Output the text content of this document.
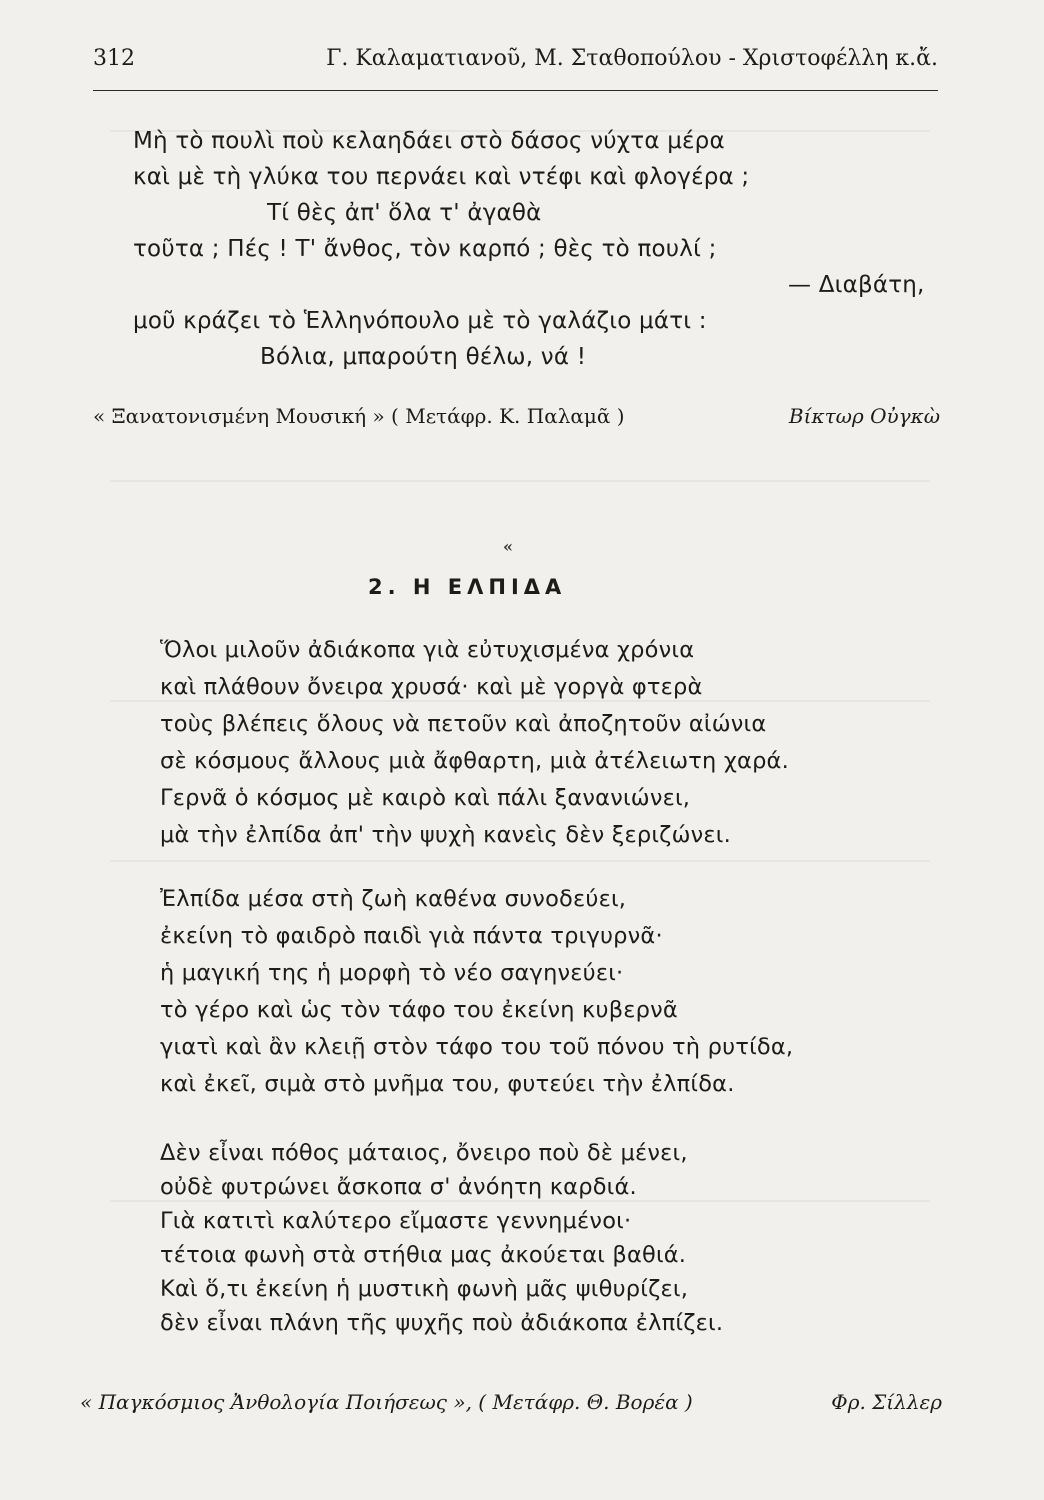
312	Γ. Καλαματιανοῦ, Μ. Σταθοπούλου - Χριστοφέλλη κ.ἄ.
Μὴ τὸ πουλὶ ποὺ κελαηδάει στὸ δάσος νύχτα μέρα
καὶ μὲ τὴ γλύκα του περνάει καὶ ντέφι καὶ φλογέρα ;
Τί θὲς ἀπ' ὅλα τ' ἀγαθὰ
τοῦτα ; Πές ! Τ' ἄνθος, τὸν καρπό ; θὲς τὸ πουλί ;
— Διαβάτη,
μοῦ κράζει τὸ Ἑλληνόπουλο μὲ τὸ γαλάζιο μάτι :
Βόλια, μπαρούτη θέλω, νά !
« Ξανατονισμένη Μουσική » ( Μετάφρ. Κ. Παλαμᾶ )	Βίκτωρ Οὐγκὼ
«
2. Η ΕΛΠΙΔΑ
Ὅλοι μιλοῦν ἀδιάκοπα γιὰ εὐτυχισμένα χρόνια
καὶ πλάθουν ὄνειρα χρυσά· καὶ μὲ γοργὰ φτερὰ
τοὺς βλέπεις ὅλους νὰ πετοῦν καὶ ἀποζητοῦν αἰώνια
σὲ κόσμους ἄλλους μιὰ ἄφθαρτη, μιὰ ἀτέλειωτη χαρά.
Γερνᾶ ὁ κόσμος μὲ καιρὸ καὶ πάλι ξανανιώνει,
μὰ τὴν ἐλπίδα ἀπ' τὴν ψυχὴ κανεὶς δὲν ξεριζώνει.
Ἐλπίδα μέσα στὴ ζωὴ καθένα συνοδεύει,
ἐκείνη τὸ φαιδρὸ παιδὶ γιὰ πάντα τριγυρνᾶ·
ἡ μαγική της ἡ μορφὴ τὸ νέο σαγηνεύει·
τὸ γέρο καὶ ὡς τὸν τάφο του ἐκείνη κυβερνᾶ
γιατὶ καὶ ἂν κλειῇ στὸν τάφο του τοῦ πόνου τὴ ρυτίδα,
καὶ ἐκεῖ, σιμὰ στὸ μνῆμα του, φυτεύει τὴν ἐλπίδα.
Δὲν εἶναι πόθος μάταιος, ὄνειρο ποὺ δὲ μένει,
οὐδὲ φυτρώνει ἄσκοπα σ' ἀνόητη καρδιά.
Γιὰ κατιτὶ καλύτερο εἴμαστε γεννημένοι·
τέτοια φωνὴ στὰ στήθια μας ἀκούεται βαθιά.
Καὶ ὅ,τι ἐκείνη ἡ μυστικὴ φωνὴ μᾶς ψιθυρίζει,
δὲν εἶναι πλάνη τῆς ψυχῆς ποὺ ἀδιάκοπα ἐλπίζει.
« Παγκόσμιος Ἀνθολογία Ποιήσεως », ( Μετάφρ. Θ. Βορέα )	Φρ. Σίλλερ
